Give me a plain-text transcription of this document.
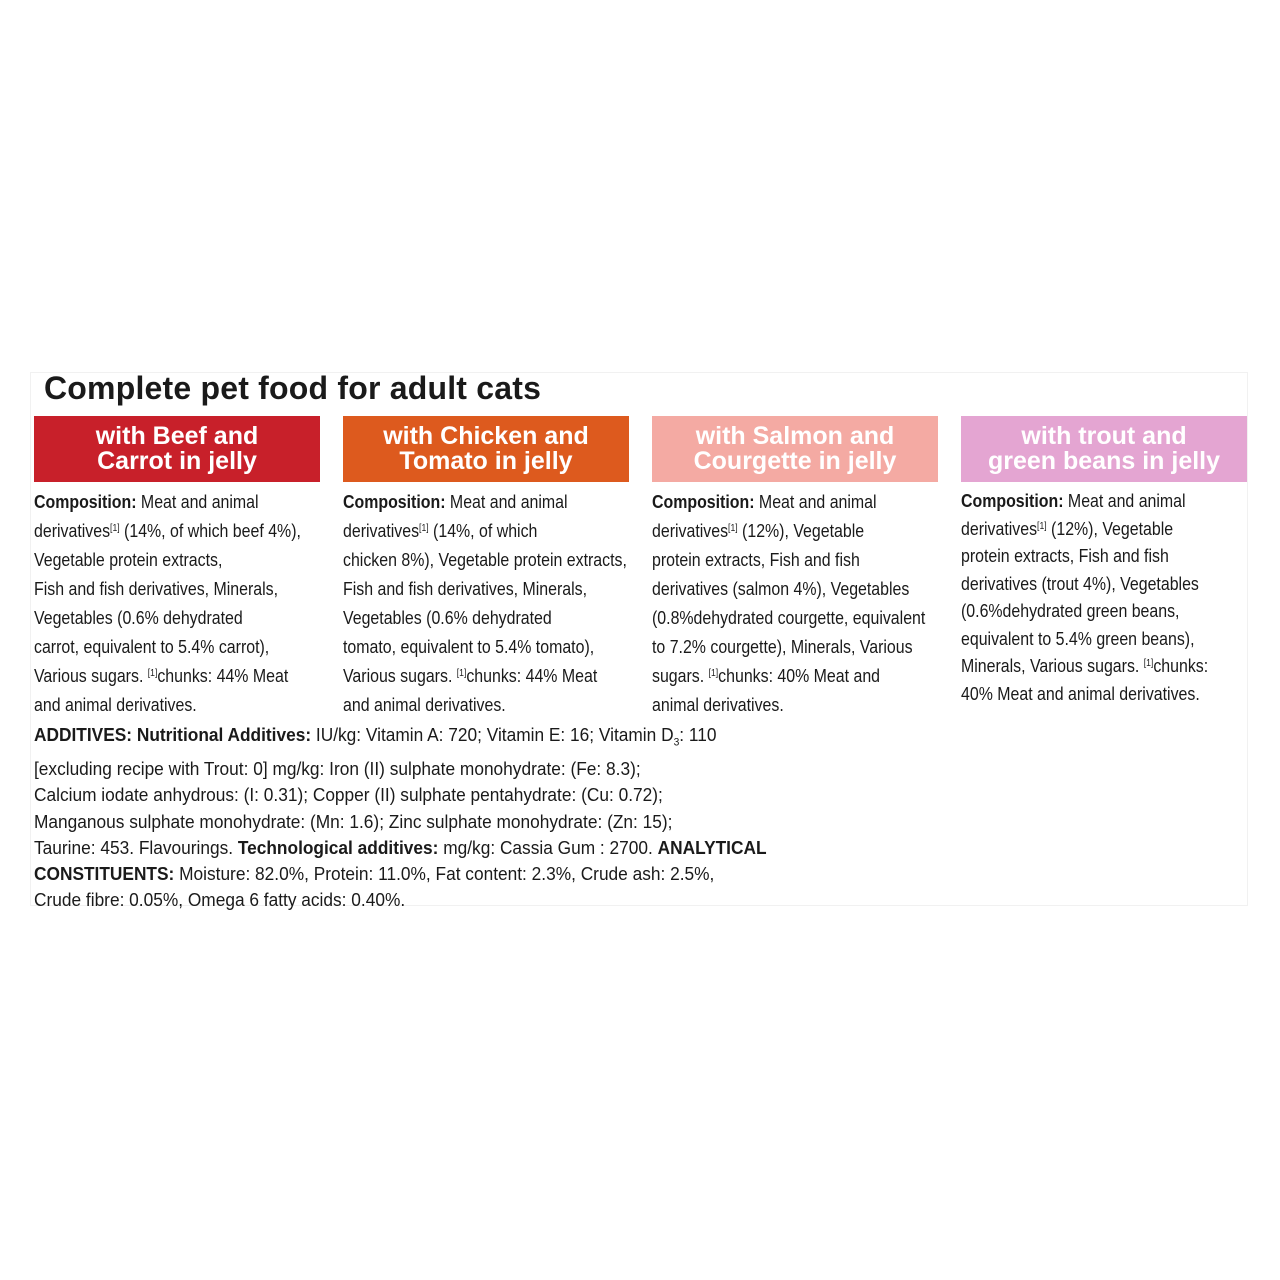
Complete pet food for adult cats
with Beef and
Carrot in jelly
with Chicken and
Tomato in jelly
with Salmon and
Courgette in jelly
with trout and
green beans in jelly
Composition: Meat and animal
derivatives[1] (14%, of which beef 4%),
Vegetable protein extracts,
Fish and fish derivatives, Minerals,
Vegetables (0.6% dehydrated
carrot, equivalent to 5.4% carrot),
Various sugars. [1]chunks: 44% Meat
and animal derivatives.
Composition: Meat and animal
derivatives[1] (14%, of which
chicken 8%), Vegetable protein extracts,
Fish and fish derivatives, Minerals,
Vegetables (0.6% dehydrated
tomato, equivalent to 5.4% tomato),
Various sugars. [1]chunks: 44% Meat
and animal derivatives.
Composition: Meat and animal
derivatives[1] (12%), Vegetable
protein extracts, Fish and fish
derivatives (salmon 4%), Vegetables
(0.8%dehydrated courgette, equivalent
to 7.2% courgette), Minerals, Various
sugars. [1]chunks: 40% Meat and
animal derivatives.
Composition: Meat and animal
derivatives[1] (12%), Vegetable
protein extracts, Fish and fish
derivatives (trout 4%), Vegetables
(0.6%dehydrated green beans,
equivalent to 5.4% green beans),
Minerals, Various sugars. [1]chunks:
40% Meat and animal derivatives.
ADDITIVES: Nutritional Additives: IU/kg: Vitamin A: 720; Vitamin E: 16; Vitamin $D_3$: 110
[excluding recipe with Trout: 0] mg/kg: Iron (II) sulphate monohydrate: (Fe: 8.3);
Calcium iodate anhydrous: (I: 0.31); Copper (II) sulphate pentahydrate: (Cu: 0.72);
Manganous sulphate monohydrate: (Mn: 1.6); Zinc sulphate monohydrate: (Zn: 15);
Taurine: 453. Flavourings. Technological additives: mg/kg: Cassia Gum : 2700. ANALYTICAL
CONSTITUENTS: Moisture: 82.0%, Protein: 11.0%, Fat content: 2.3%, Crude ash: 2.5%,
Crude fibre: 0.05%, Omega 6 fatty acids: 0.40%.
